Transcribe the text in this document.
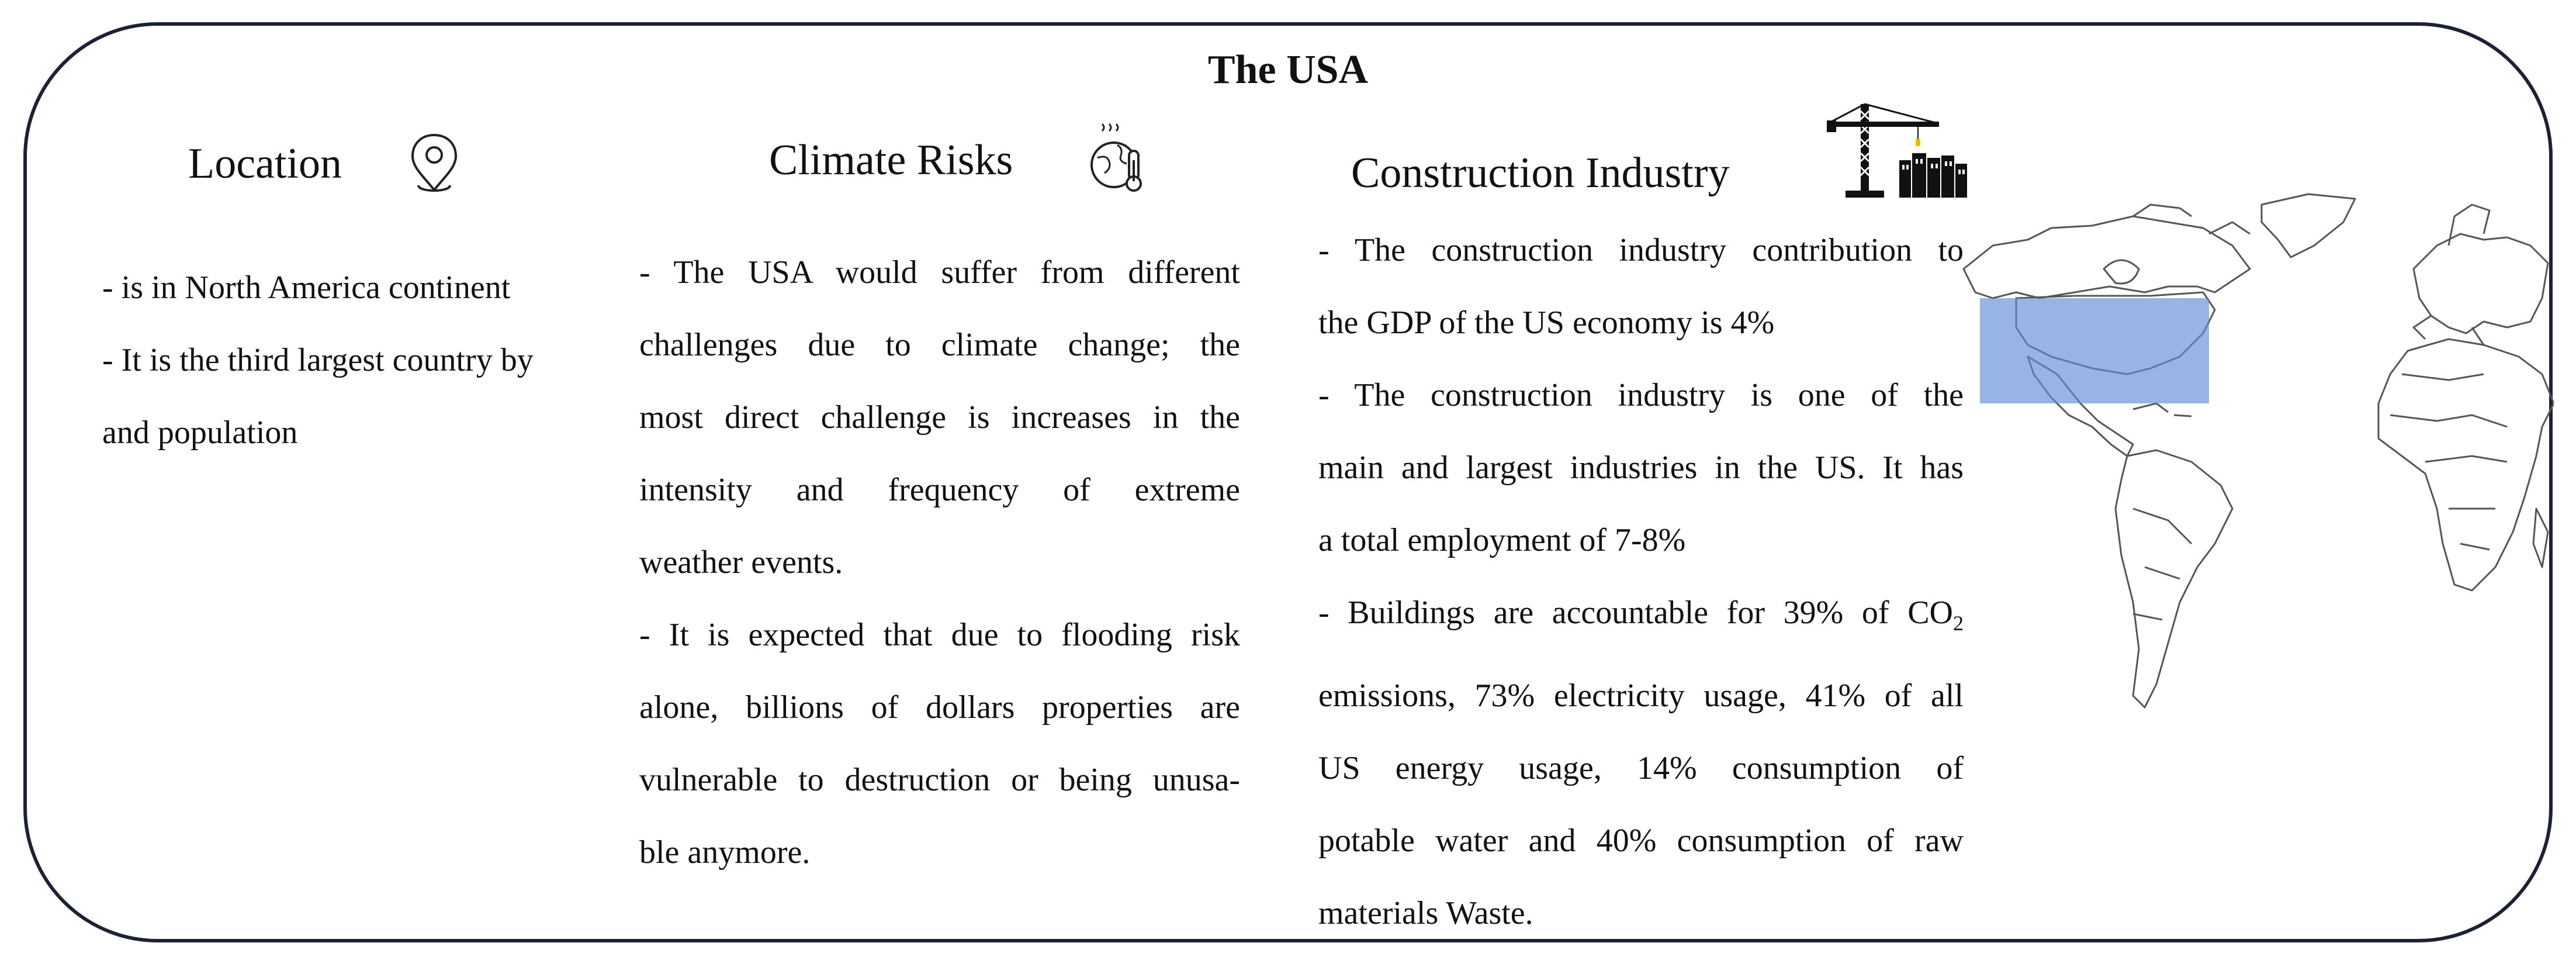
The USA
Location
- is in North America continent
- It is the third largest country by
and population
Climate Risks

- The USA would suffer from different
challenges due to climate change; the
most direct challenge is increases in the
intensity and frequency of extreme
weather events.

- It is expected that due to flooding risk
alone, billions of dollars properties are
vulnerable to destruction or being unusa-
ble anymore.

Construction Industry

- The construction industry contribution to
the GDP of the US economy is 4%

- The construction industry is one of the
main and largest industries in the US. It has
a total employment of 7-8%

- Buildings are accountable for 39% of $CO_2$
emissions, 73% electricity usage, 41% of all
US energy usage, 14% consumption of
potable water and 40% consumption of raw
materials Waste.
